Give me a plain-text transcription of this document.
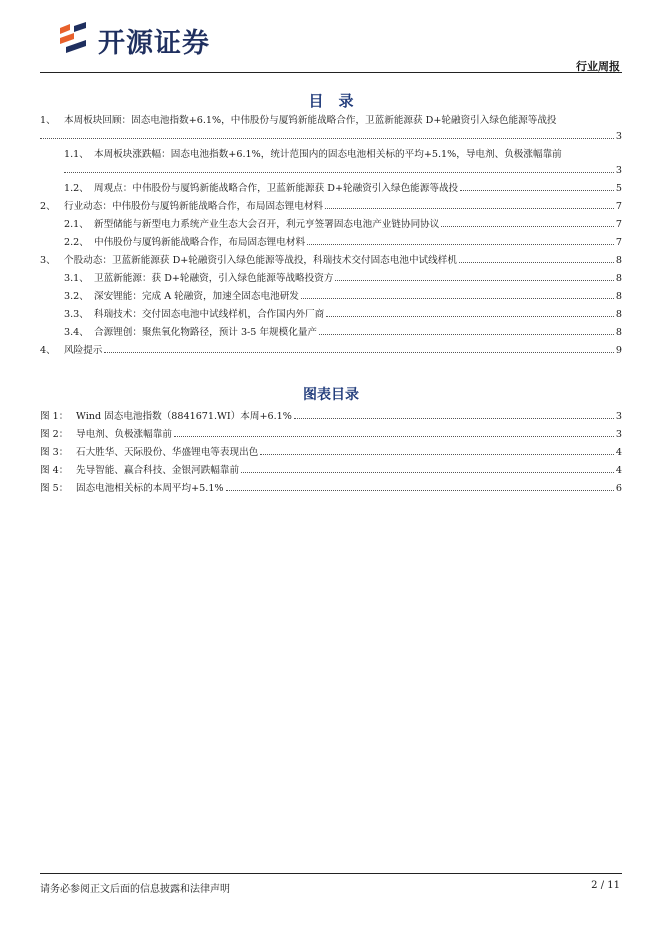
开源证券
行业周报
目　录
1、 本周板块回顾：固态电池指数+6.1%，中伟股份与厦钨新能战略合作，卫蓝新能源获 D+轮融资引入绿色能源等战投
3
1.1、 本周板块涨跌幅：固态电池指数+6.1%，统计范围内的固态电池相关标的平均+5.1%，导电剂、负极涨幅靠前
3
1.2、 周观点：中伟股份与厦钨新能战略合作，卫蓝新能源获 D+轮融资引入绿色能源等战投	5
2、 行业动态：中伟股份与厦钨新能战略合作，布局固态锂电材料	7
2.1、 新型储能与新型电力系统产业生态大会召开，利元亨签署固态电池产业链协同协议	7
2.2、 中伟股份与厦钨新能战略合作，布局固态锂电材料	7
3、 个股动态：卫蓝新能源获 D+轮融资引入绿色能源等战投，科瑞技术交付固态电池中试线样机	8
3.1、 卫蓝新能源：获 D+轮融资，引入绿色能源等战略投资方	8
3.2、 深安锂能：完成 A 轮融资，加速全固态电池研发	8
3.3、 科瑞技术：交付固态电池中试线样机，合作国内外厂商	8
3.4、 合源锂创：聚焦氧化物路径，预计 3-5 年规模化量产	8
4、 风险提示	9
图表目录
图 1： Wind 固态电池指数（8841671.WI）本周+6.1%	3
图 2： 导电剂、负极涨幅靠前	3
图 3： 石大胜华、天际股份、华盛锂电等表现出色	4
图 4： 先导智能、赢合科技、金银河跌幅靠前	4
图 5： 固态电池相关标的本周平均+5.1%	6
请务必参阅正文后面的信息披露和法律声明	2 / 11
